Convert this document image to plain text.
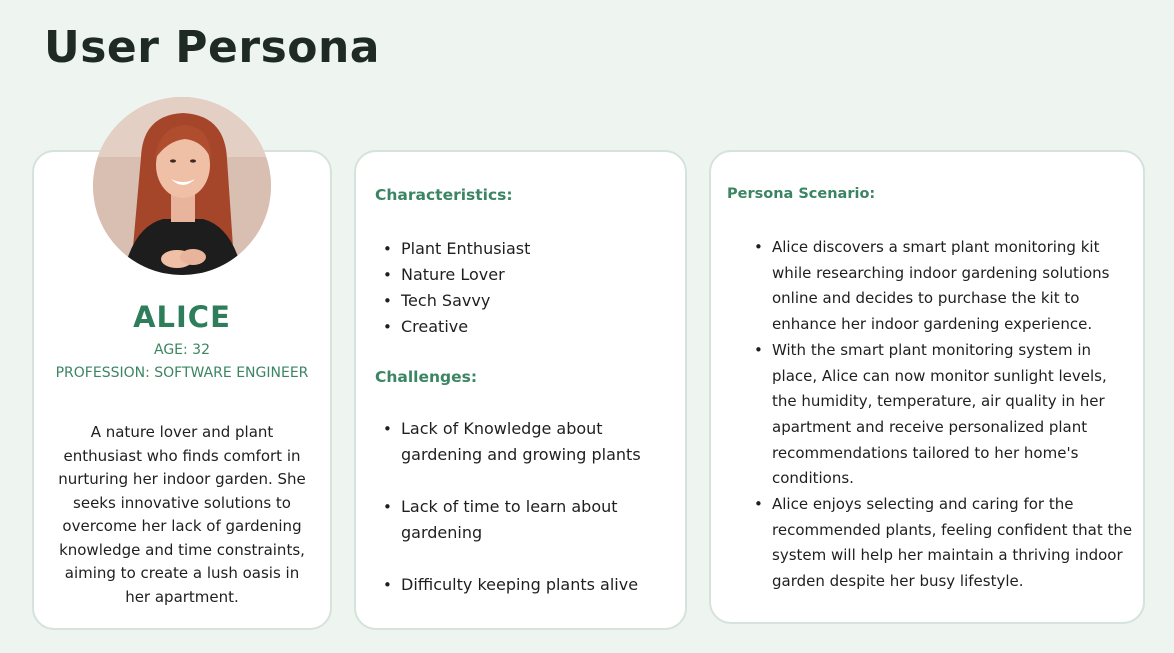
User Persona
ALICE
AGE: 32
PROFESSION: SOFTWARE ENGINEER
A nature lover and plant enthusiast who finds comfort in nurturing her indoor garden. She seeks innovative solutions to overcome her lack of gardening knowledge and time constraints, aiming to create a lush oasis in her apartment.
Characteristics:
• Plant Enthusiast
• Nature Lover
• Tech Savvy
• Creative
Challenges:
• Lack of Knowledge about gardening and growing plants
• Lack of time to learn about gardening
• Difficulty keeping plants alive
Persona Scenario:
• Alice discovers a smart plant monitoring kit while researching indoor gardening solutions online and decides to purchase the kit to enhance her indoor gardening experience.
• With the smart plant monitoring system in place, Alice can now monitor sunlight levels, the humidity, temperature, air quality in her apartment and receive personalized plant recommendations tailored to her home's conditions.
• Alice enjoys selecting and caring for the recommended plants, feeling confident that the system will help her maintain a thriving indoor garden despite her busy lifestyle.
